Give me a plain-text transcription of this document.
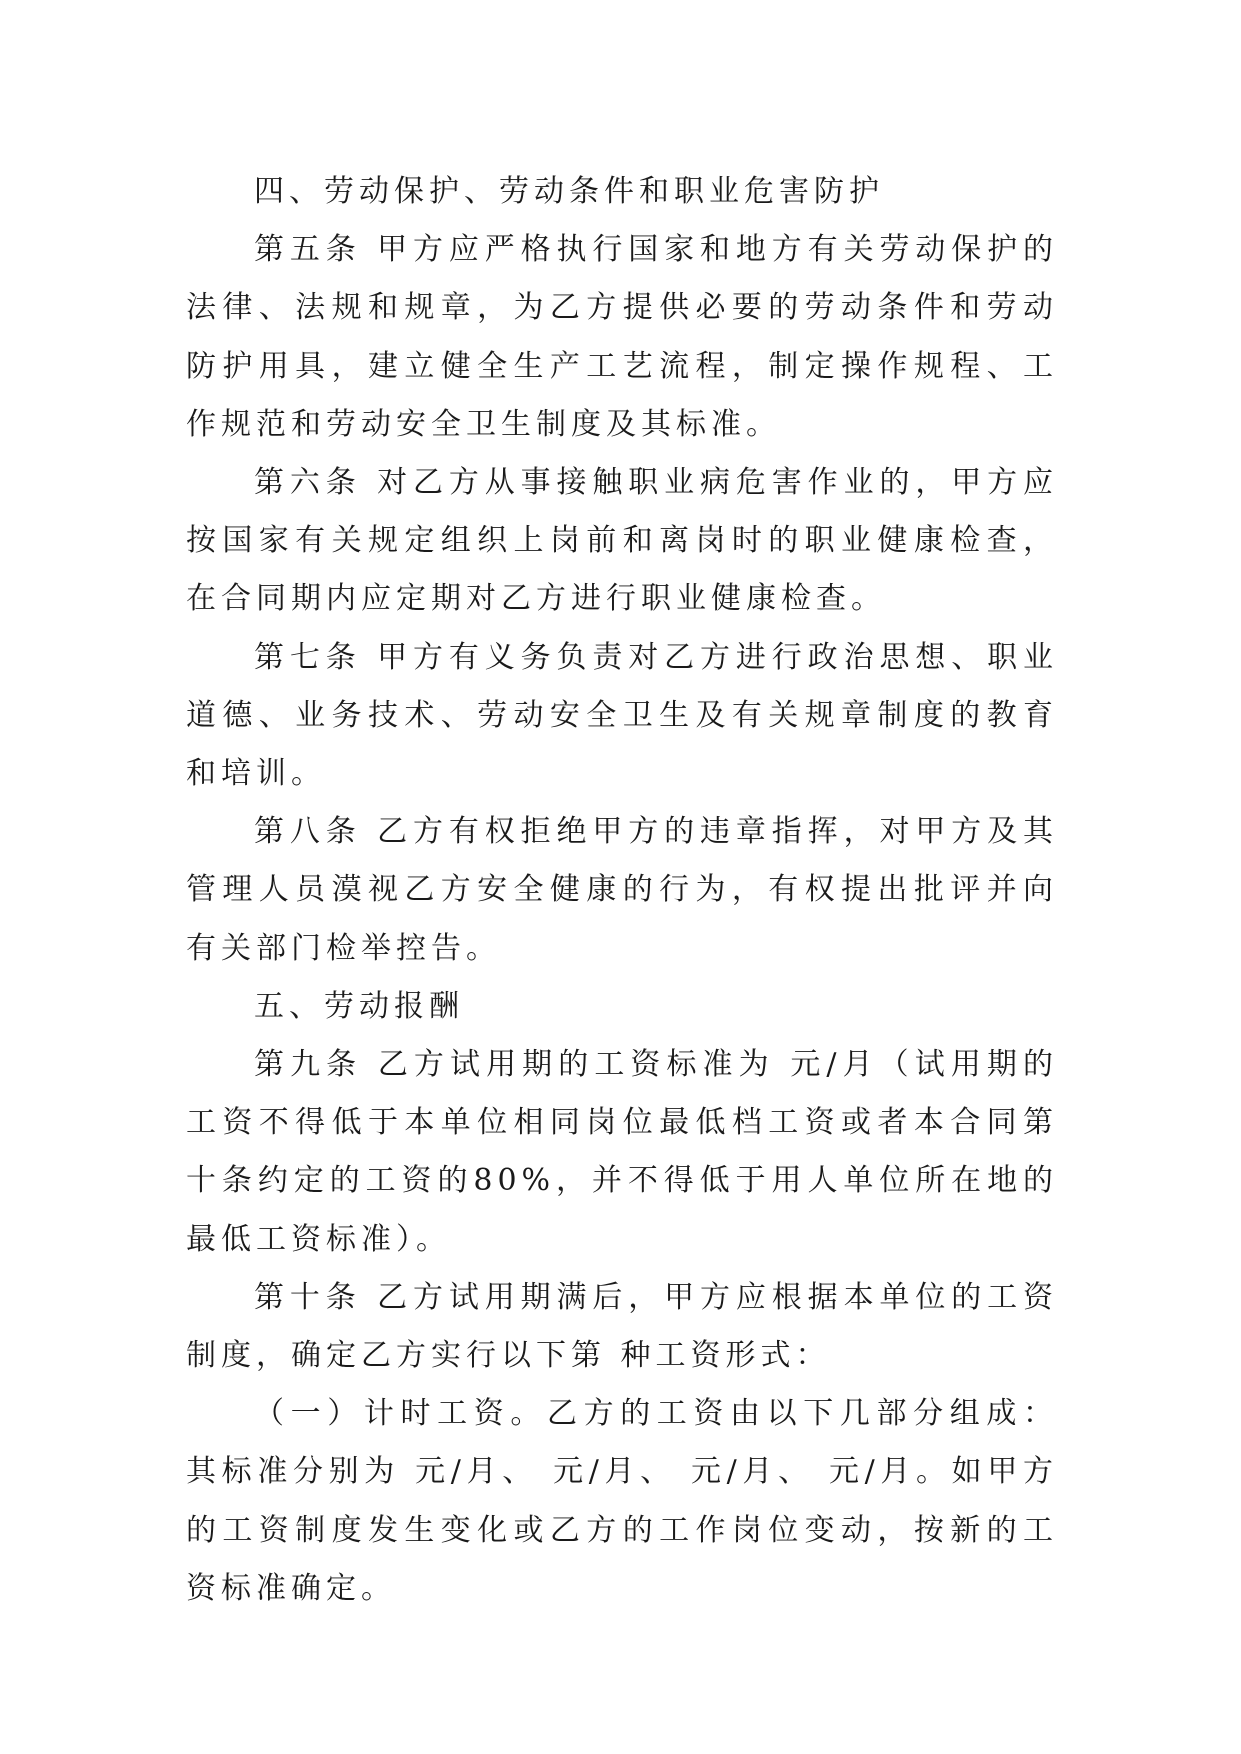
四、劳动保护、劳动条件和职业危害防护

第五条 甲方应严格执行国家和地方有关劳动保护的法律、法规和规章，为乙方提供必要的劳动条件和劳动防护用具，建立健全生产工艺流程，制定操作规程、工作规范和劳动安全卫生制度及其标准。

第六条 对乙方从事接触职业病危害作业的，甲方应按国家有关规定组织上岗前和离岗时的职业健康检查，在合同期内应定期对乙方进行职业健康检查。

第七条 甲方有义务负责对乙方进行政治思想、职业道德、业务技术、劳动安全卫生及有关规章制度的教育和培训。

第八条 乙方有权拒绝甲方的违章指挥，对甲方及其管理人员漠视乙方安全健康的行为，有权提出批评并向有关部门检举控告。

五、劳动报酬

第九条 乙方试用期的工资标准为 元/月（试用期的工资不得低于本单位相同岗位最低档工资或者本合同第十条约定的工资的80%，并不得低于用人单位所在地的最低工资标准）。

第十条 乙方试用期满后，甲方应根据本单位的工资制度，确定乙方实行以下第 种工资形式：

（一）计时工资。乙方的工资由以下几部分组成： 其标准分别为 元/月、 元/月、 元/月、 元/月。如甲方的工资制度发生变化或乙方的工作岗位变动，按新的工资标准确定。
